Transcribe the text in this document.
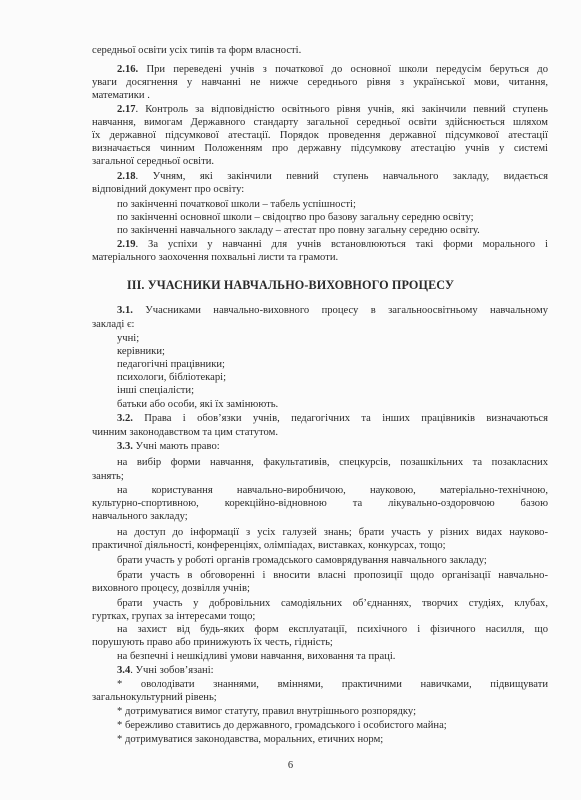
ІІІ. УЧАСНИКИ НАВЧАЛЬНО-ВИХОВНОГО ПРОЦЕСУ
середньої освіти усіх типів та форм власності.
2.16. При переведені учнів з початкової до основної школи передусім беруться до
уваги досягнення у навчанні не нижче середнього рівня з української мови, читання,
математики .
2.17. Контроль за відповідністю освітнього рівня учнів, які закінчили певний ступень
навчання, вимогам Державного стандарту загальної середньої освіти здійснюється шляхом
їх державної підсумкової атестації. Порядок проведення державної підсумкової атестації
визначається чинним Положенням про державну підсумкову атестацію учнів у системі
загальної середньої освіти.
2.18. Учням, які закінчили певний ступень навчального закладу, видається
відповідний документ про освіту:
по закінченні початкової школи – табель успішності;
по закінченні основної школи – свідоцтво про базову загальну середню освіту;
по закінченні навчального закладу – атестат про повну загальну середню освіту.
2.19. За успіхи у навчанні для учнів встановлюються такі форми морального і
матеріального заохочення похвальні листи та грамоти.
3.1. Учасниками навчально-виховного процесу в загальноосвітньому навчальному
закладі є:
учні;
керівники;
педагогічні працівники;
психологи, бібліотекарі;
інші спеціалісти;
батьки або особи, які їх замінюють.
3.2. Права і обов’язки учнів, педагогічних та інших працівників визначаються
чинним законодавством та цим статутом.
3.3. Учні мають право:
на вибір форми навчання, факультативів, спецкурсів, позашкільних та позакласних
занять;
на користування навчально-виробничою, науковою, матеріально-технічною,
культурно-спортивною, корекційно-відновною та лікувально-оздоровчою базою
навчального закладу;
на доступ до інформації з усіх галузей знань; брати участь у різних видах науково-
практичної діяльності, конференціях, олімпіадах, виставках, конкурсах, тощо;
брати участь у роботі органів громадського самоврядування навчального закладу;
брати участь в обговоренні і вносити власні пропозиції щодо організації навчально-
виховного процесу, дозвілля учнів;
брати участь у добровільних самодіяльних об’єднаннях, творчих студіях, клубах,
гуртках, групах за інтересами тощо;
на захист від будь-яких форм експлуатації, психічного і фізичного насилля, що
порушують право або принижують їх честь, гідність;
на безпечні і нешкідливі умови навчання, виховання та праці.
3.4. Учні зобов’язані:
* оволодівати знаннями, вміннями, практичними навичками, підвищувати
загальнокультурний рівень;
* дотримуватися вимог статуту, правил внутрішнього розпорядку;
* бережливо ставитись до державного, громадського і особистого майна;
* дотримуватися законодавства, моральних, етичних норм;
6
